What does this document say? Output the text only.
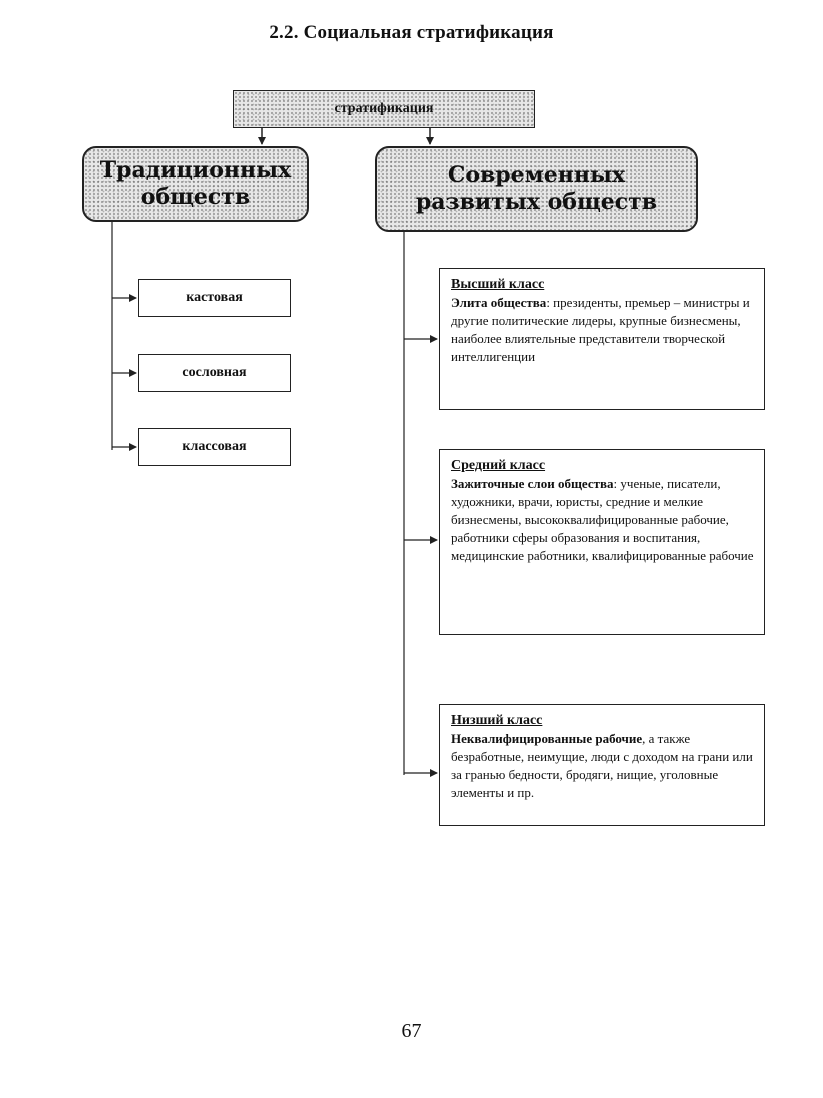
2.2. Социальная стратификация
стратификация
Традиционных
обществ
Современных
развитых обществ
кастовая
сословная
классовая
Высший класс
Элита общества: президенты, премьер – министры и другие политические лидеры, крупные бизнесмены, наиболее влиятельные представители творческой интеллигенции
Средний класс
Зажиточные слои общества: ученые, писатели, художники, врачи, юристы, средние и мелкие бизнесмены, высококвалифицированные рабочие, работники сферы образования и воспитания, медицинские работники, квалифицированные рабочие
Низший класс
Неквалифицированные рабочие, а также безработные, неимущие, люди с доходом на грани или за гранью бедности, бродяги, нищие, уголовные элементы и пр.
67
